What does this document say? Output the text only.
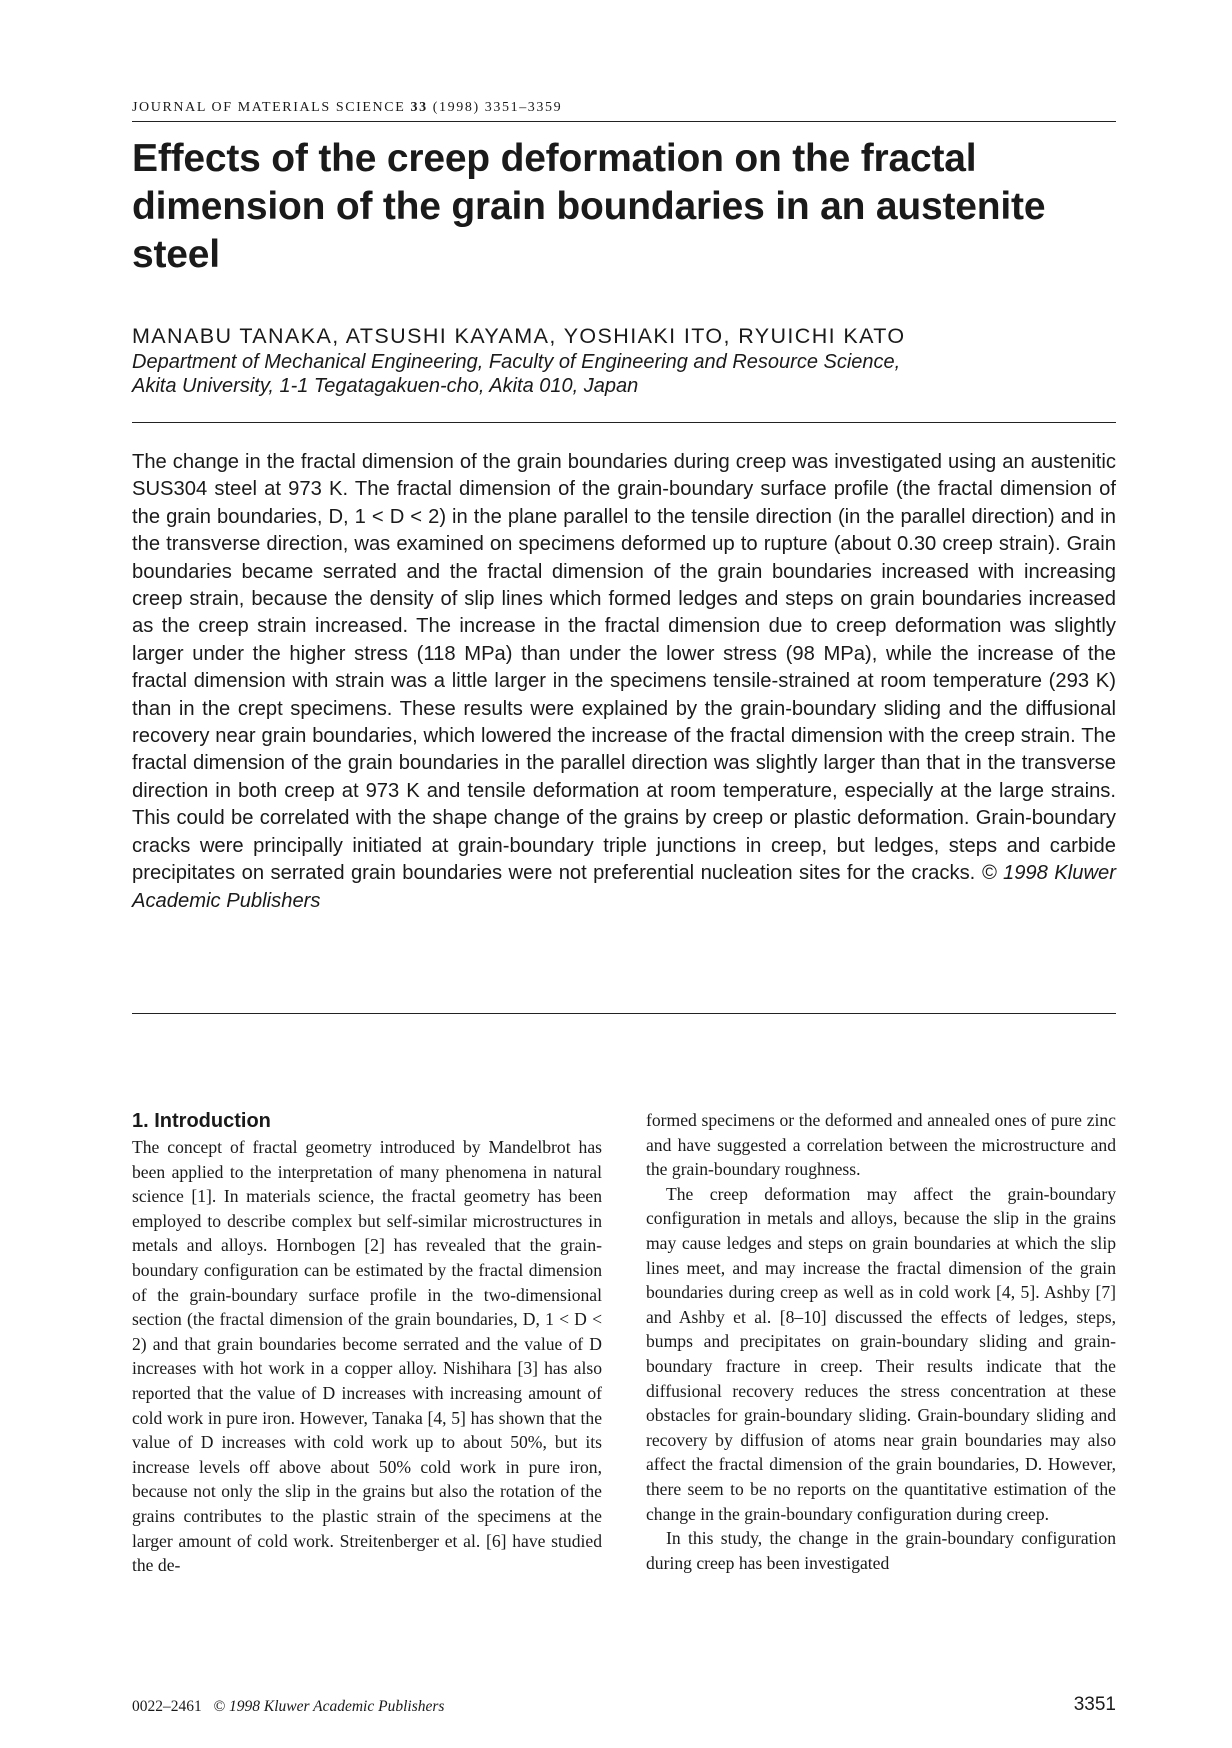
JOURNAL OF MATERIALS SCIENCE 33 (1998) 3351–3359
Effects of the creep deformation on the fractal dimension of the grain boundaries in an austenite steel
MANABU TANAKA, ATSUSHI KAYAMA, YOSHIAKI ITO, RYUICHI KATO
Department of Mechanical Engineering, Faculty of Engineering and Resource Science,
Akita University, 1-1 Tegatagakuen-cho, Akita 010, Japan

The change in the fractal dimension of the grain boundaries during creep was investigated using an austenitic SUS304 steel at 973 K. The fractal dimension of the grain-boundary surface profile (the fractal dimension of the grain boundaries, D, 1 < D < 2) in the plane parallel to the tensile direction (in the parallel direction) and in the transverse direction, was examined on specimens deformed up to rupture (about 0.30 creep strain). Grain boundaries became serrated and the fractal dimension of the grain boundaries increased with increasing creep strain, because the density of slip lines which formed ledges and steps on grain boundaries increased as the creep strain increased. The increase in the fractal dimension due to creep deformation was slightly larger under the higher stress (118 MPa) than under the lower stress (98 MPa), while the increase of the fractal dimension with strain was a little larger in the specimens tensile-strained at room temperature (293 K) than in the crept specimens. These results were explained by the grain-boundary sliding and the diffusional recovery near grain boundaries, which lowered the increase of the fractal dimension with the creep strain. The fractal dimension of the grain boundaries in the parallel direction was slightly larger than that in the transverse direction in both creep at 973 K and tensile deformation at room temperature, especially at the large strains. This could be correlated with the shape change of the grains by creep or plastic deformation. Grain-boundary cracks were principally initiated at grain-boundary triple junctions in creep, but ledges, steps and carbide precipitates on serrated grain boundaries were not preferential nucleation sites for the cracks. © 1998 Kluwer Academic Publishers

1. Introduction

The concept of fractal geometry introduced by Mandelbrot has been applied to the interpretation of many phenomena in natural science [1]. In materials science, the fractal geometry has been employed to describe complex but self-similar microstructures in metals and alloys. Hornbogen [2] has revealed that the grain-boundary configuration can be estimated by the fractal dimension of the grain-boundary surface profile in the two-dimensional section (the fractal dimension of the grain boundaries, D, 1 < D < 2) and that grain boundaries become serrated and the value of D increases with hot work in a copper alloy. Nishihara [3] has also reported that the value of D increases with increasing amount of cold work in pure iron. However, Tanaka [4, 5] has shown that the value of D increases with cold work up to about 50%, but its increase levels off above about 50% cold work in pure iron, because not only the slip in the grains but also the rotation of the grains contributes to the plastic strain of the specimens at the larger amount of cold work. Streitenberger et al. [6] have studied the de-

formed specimens or the deformed and annealed ones of pure zinc and have suggested a correlation between the microstructure and the grain-boundary roughness.

The creep deformation may affect the grain-boundary configuration in metals and alloys, because the slip in the grains may cause ledges and steps on grain boundaries at which the slip lines meet, and may increase the fractal dimension of the grain boundaries during creep as well as in cold work [4, 5]. Ashby [7] and Ashby et al. [8–10] discussed the effects of ledges, steps, bumps and precipitates on grain-boundary sliding and grain-boundary fracture in creep. Their results indicate that the diffusional recovery reduces the stress concentration at these obstacles for grain-boundary sliding. Grain-boundary sliding and recovery by diffusion of atoms near grain boundaries may also affect the fractal dimension of the grain boundaries, D. However, there seem to be no reports on the quantitative estimation of the change in the grain-boundary configuration during creep.

In this study, the change in the grain-boundary configuration during creep has been investigated

0022–2461 © 1998 Kluwer Academic Publishers	3351
